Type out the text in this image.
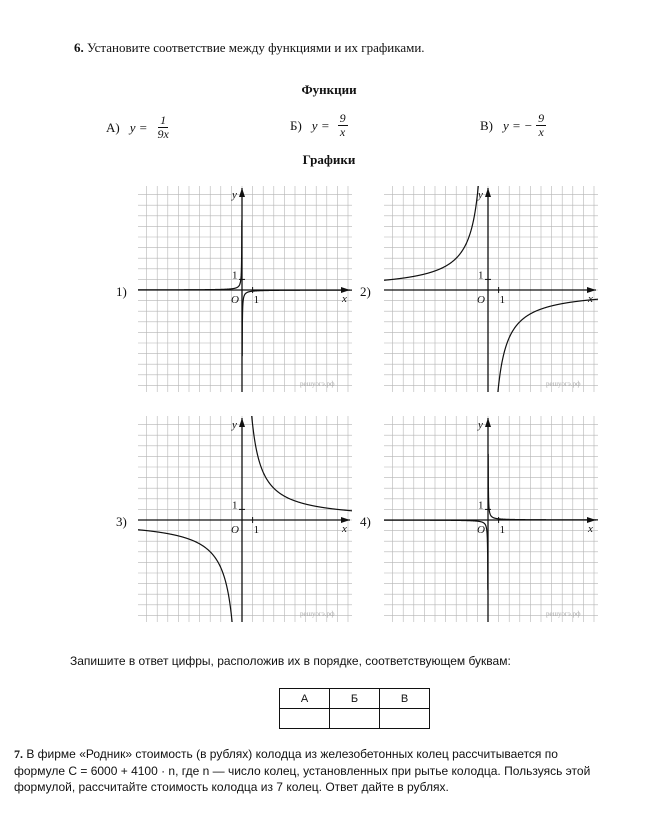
6. Установите соответствие между функциями и их графиками.
Функции
А) $y = \frac{1}{9x}$	Б) $y = \frac{9}{x}$	В) y = − $\frac{9}{x}$
Графики
1)	2)
3)	4)
y
x
O 1
1
решуогэ.рф
y
x
O 1
1
решуогэ.рф
y
x
O 1
1
решуогэ.рф
y
x
O 1
1
решуогэ.рф
Запишите в ответ цифры, расположив их в порядке, соответствующем буквам:
А	Б	В

7. В фирме «Родник» стоимость (в рублях) колодца из железобетонных колец рассчитывается по
формуле C = 6000 + 4100 · n, где n — число колец, установленных при рытье колодца. Пользуясь этой
формулой, рассчитайте стоимость колодца из 7 колец. Ответ дайте в рублях.
